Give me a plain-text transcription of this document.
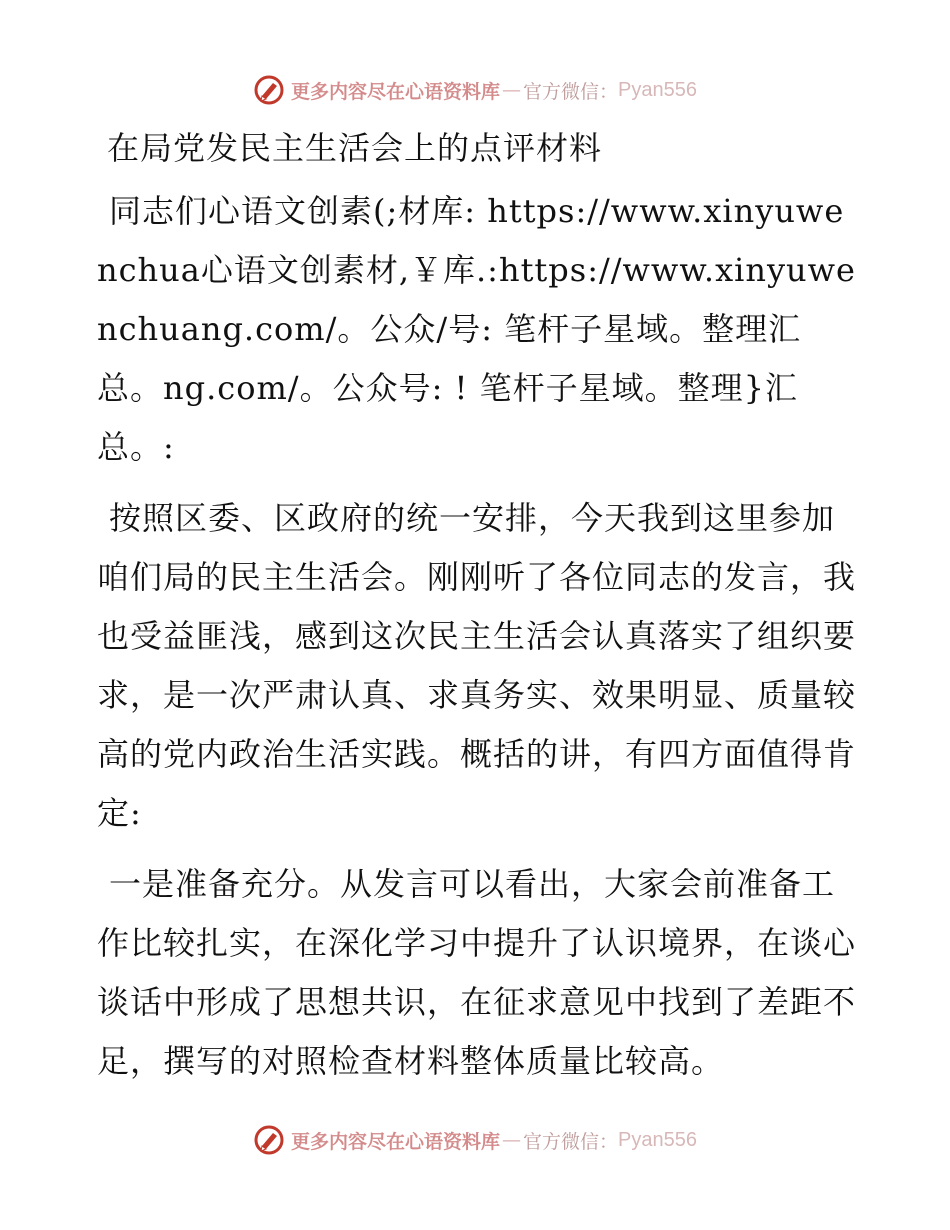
更多内容尽在心语资料库 — 官方微信： Pyan556
在局党发民主生活会上的点评材料

同志们心语文创素(;材库: https://www.xinyuwenchua心语文创素材,￥库.:https://www.xinyuwenchuang.com/。公众/号: 笔杆子星域。整理汇总。ng.com/。公众号: ! 笔杆子星域。整理}汇总。:

按照区委、区政府的统一安排，今天我到这里参加咱们局的民主生活会。刚刚听了各位同志的发言，我也受益匪浅，感到这次民主生活会认真落实了组织要求，是一次严肃认真、求真务实、效果明显、质量较高的党内政治生活实践。概括的讲，有四方面值得肯定:

一是准备充分。从发言可以看出，大家会前准备工作比较扎实，在深化学习中提升了认识境界，在谈心谈话中形成了思想共识，在征求意见中找到了差距不足，撰写的对照检查材料整体质量比较高。

更多内容尽在心语资料库 — 官方微信： Pyan556
